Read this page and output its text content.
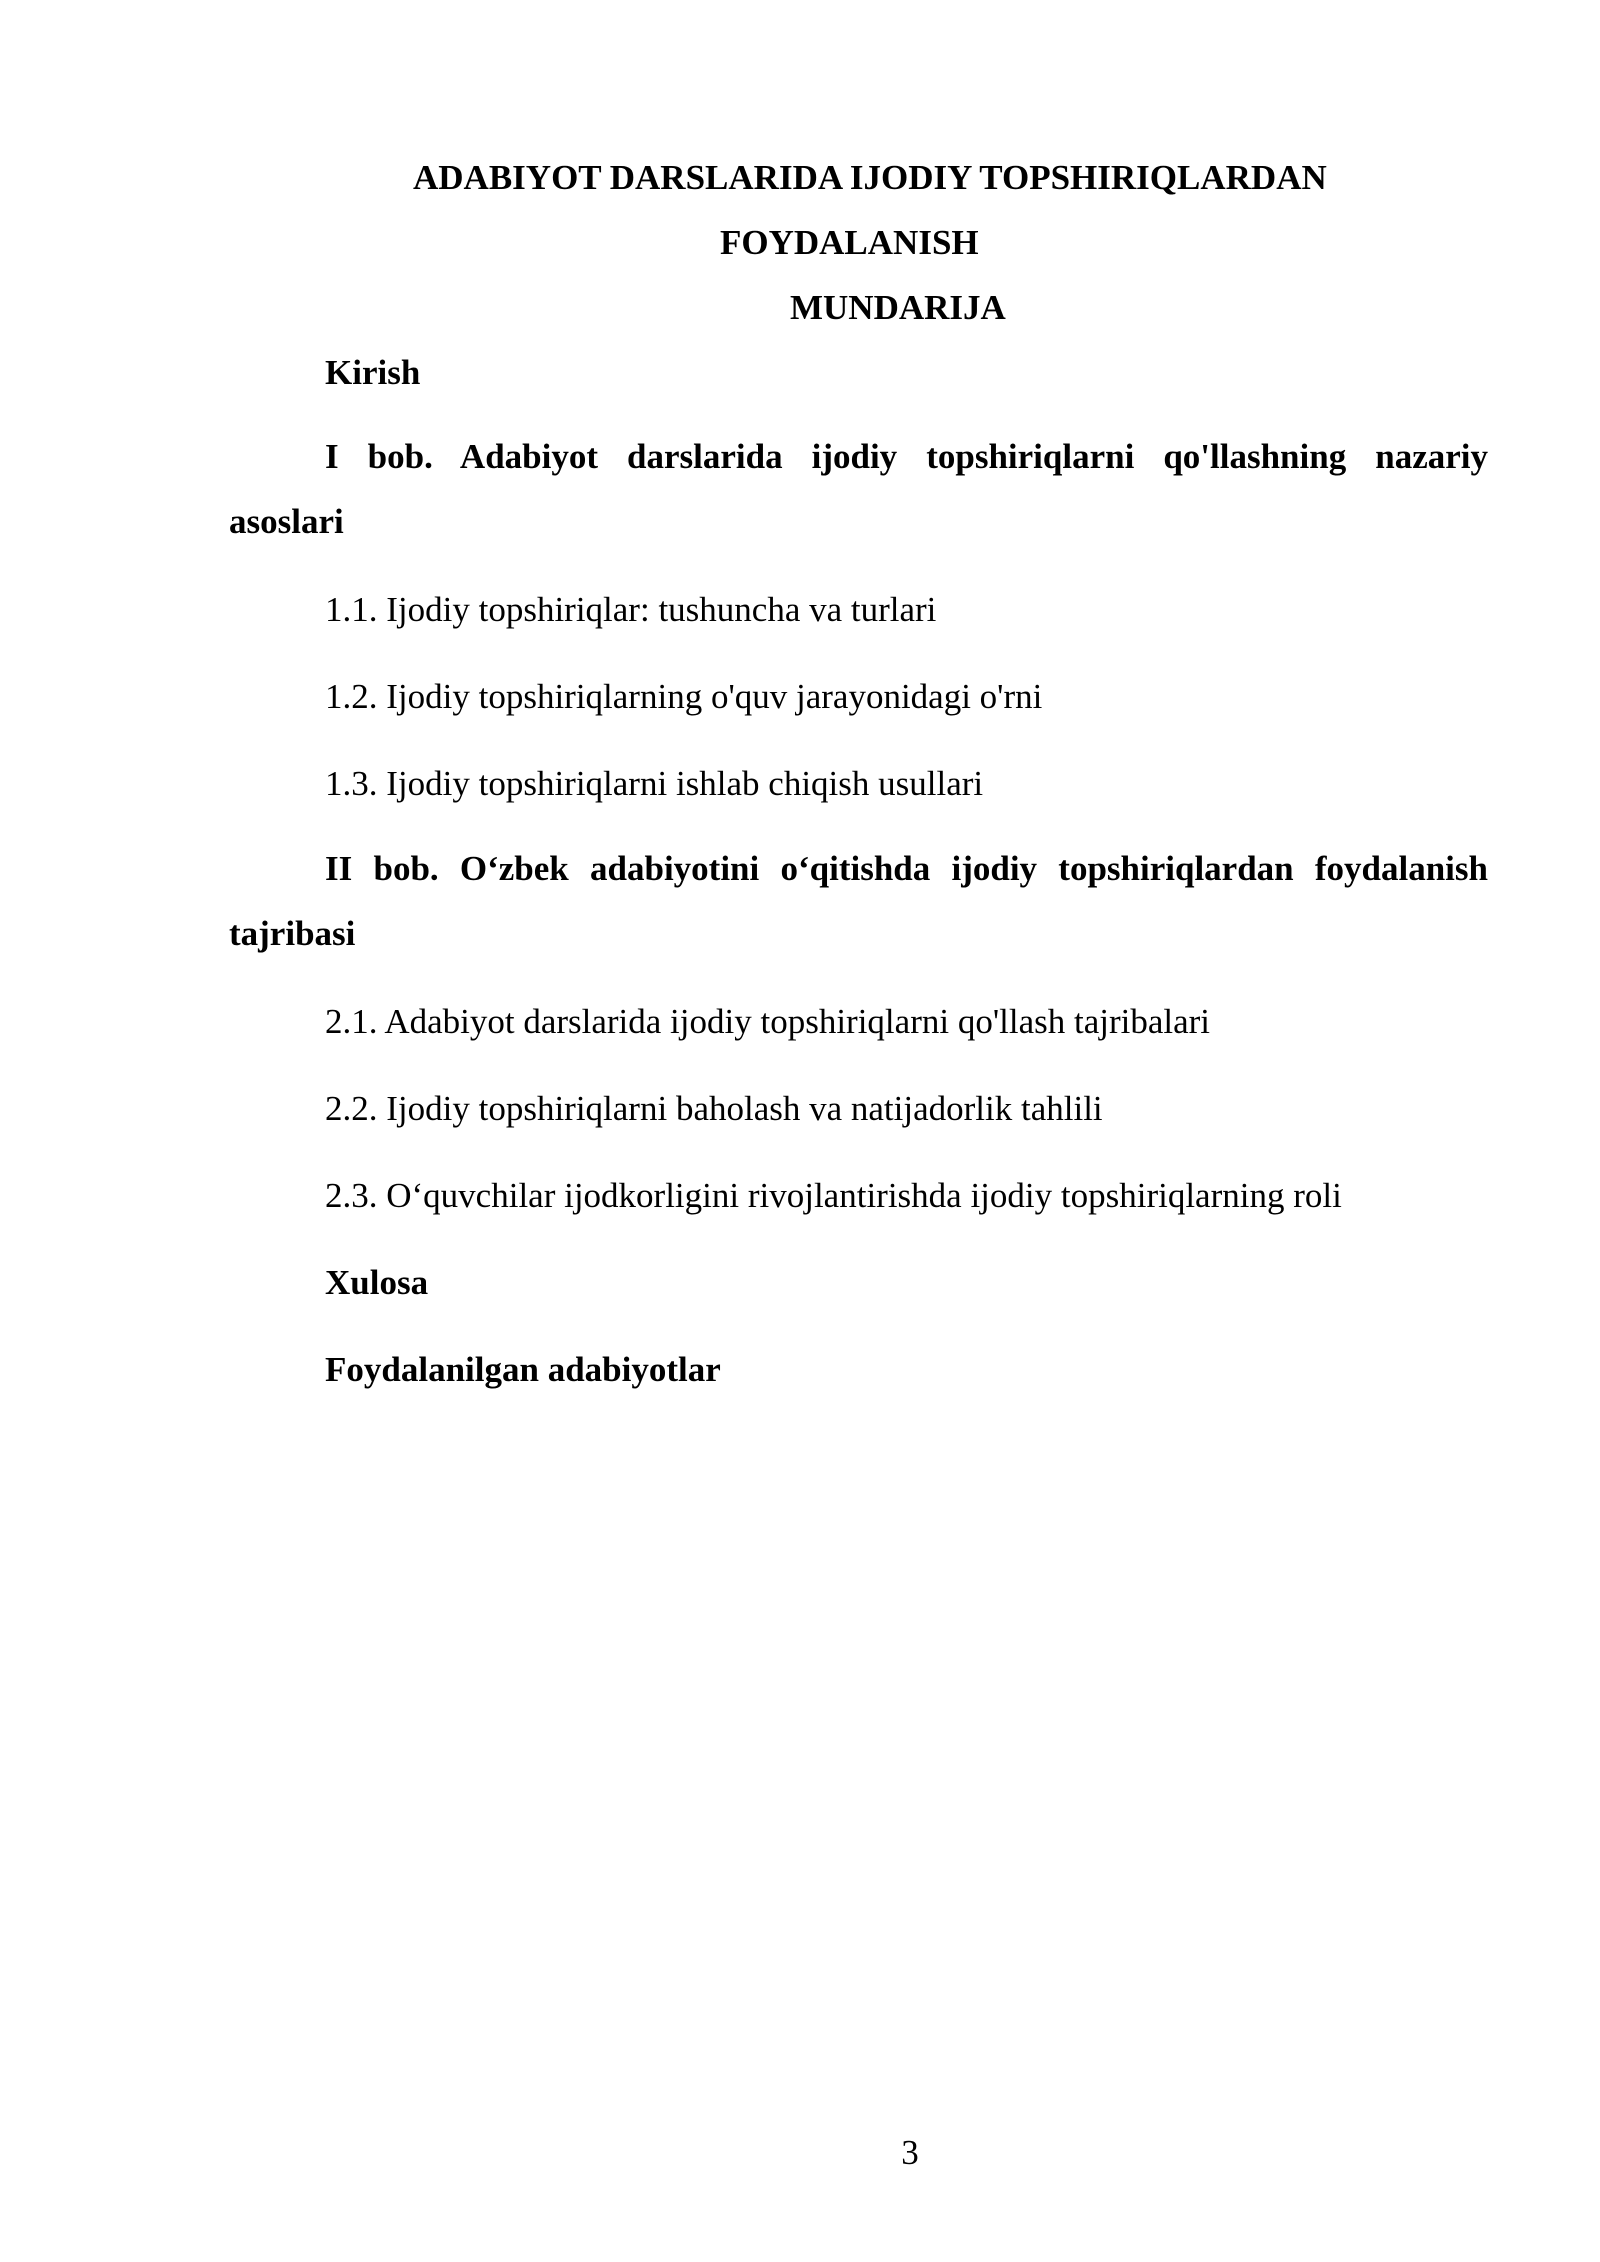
ADABIYOT DARSLARIDA IJODIY TOPSHIRIQLARDAN
FOYDALANISH
MUNDARIJA
Kirish
I bob. Adabiyot darslarida ijodiy topshiriqlarni qo'llashning nazariy
asoslari
1.1. Ijodiy topshiriqlar: tushuncha va turlari
1.2. Ijodiy topshiriqlarning o'quv jarayonidagi o'rni
1.3. Ijodiy topshiriqlarni ishlab chiqish usullari
II bob. O‘zbek adabiyotini o‘qitishda ijodiy topshiriqlardan foydalanish
tajribasi
2.1. Adabiyot darslarida ijodiy topshiriqlarni qo'llash tajribalari
2.2. Ijodiy topshiriqlarni baholash va natijadorlik tahlili
2.3. O‘quvchilar ijodkorligini rivojlantirishda ijodiy topshiriqlarning roli
Xulosa
Foydalanilgan adabiyotlar
3
